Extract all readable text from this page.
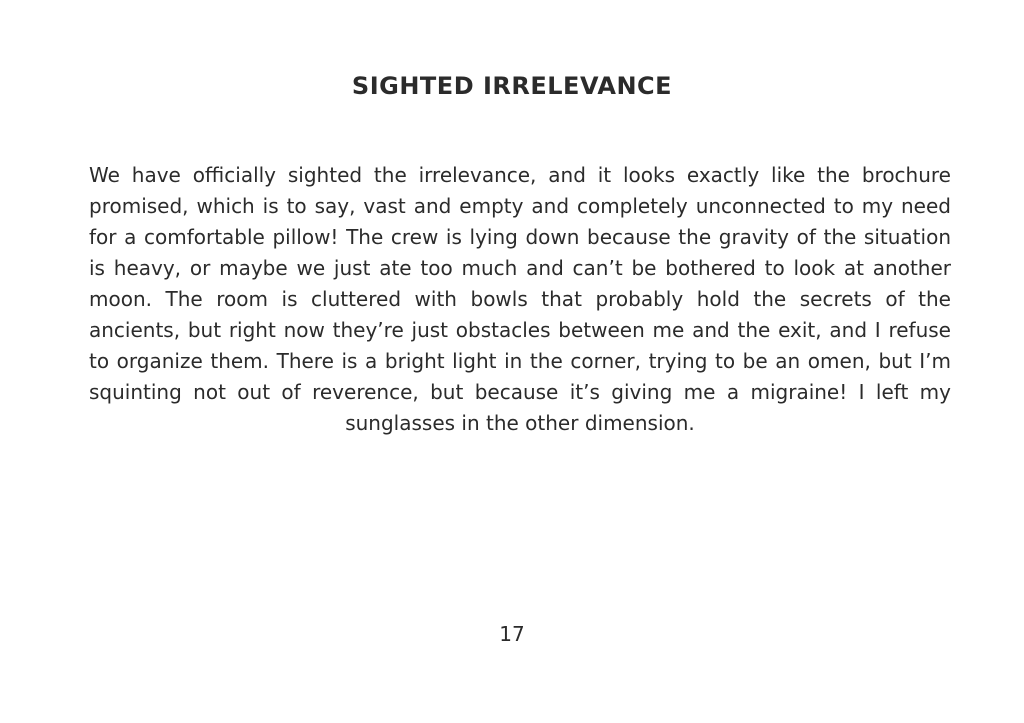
SIGHTED IRRELEVANCE

We have officially sighted the irrelevance, and it looks exactly like the brochure promised, which is to say, vast and empty and completely unconnected to my need for a comfortable pillow! The crew is lying down because the gravity of the situation is heavy, or maybe we just ate too much and can’t be bothered to look at another moon. The room is cluttered with bowls that probably hold the secrets of the ancients, but right now they’re just obstacles between me and the exit, and I refuse to organize them. There is a bright light in the corner, trying to be an omen, but I’m squinting not out of reverence, but because it’s giving me a migraine! I left my sunglasses in the other dimension.

17
